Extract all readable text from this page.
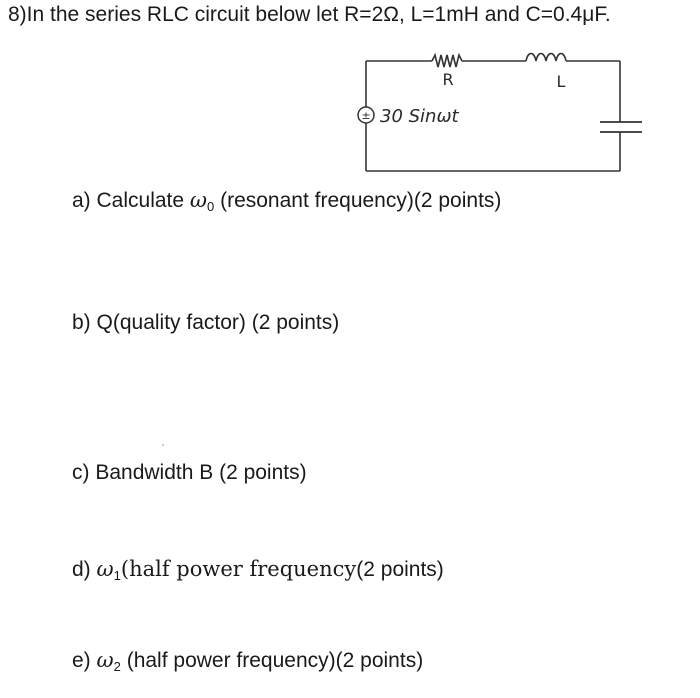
8)In the series RLC circuit below let R=2Ω, L=1mH and C=0.4μF.
±
R	L
30 Sinωt
a) Calculate $\omega_0$ (resonant frequency)(2 points)
b) Q(quality factor) (2 points)
c) Bandwidth B (2 points)
d) $\omega_1(half$ power frequency(2 points)
e) $\omega_2$ (half power frequency)(2 points)
